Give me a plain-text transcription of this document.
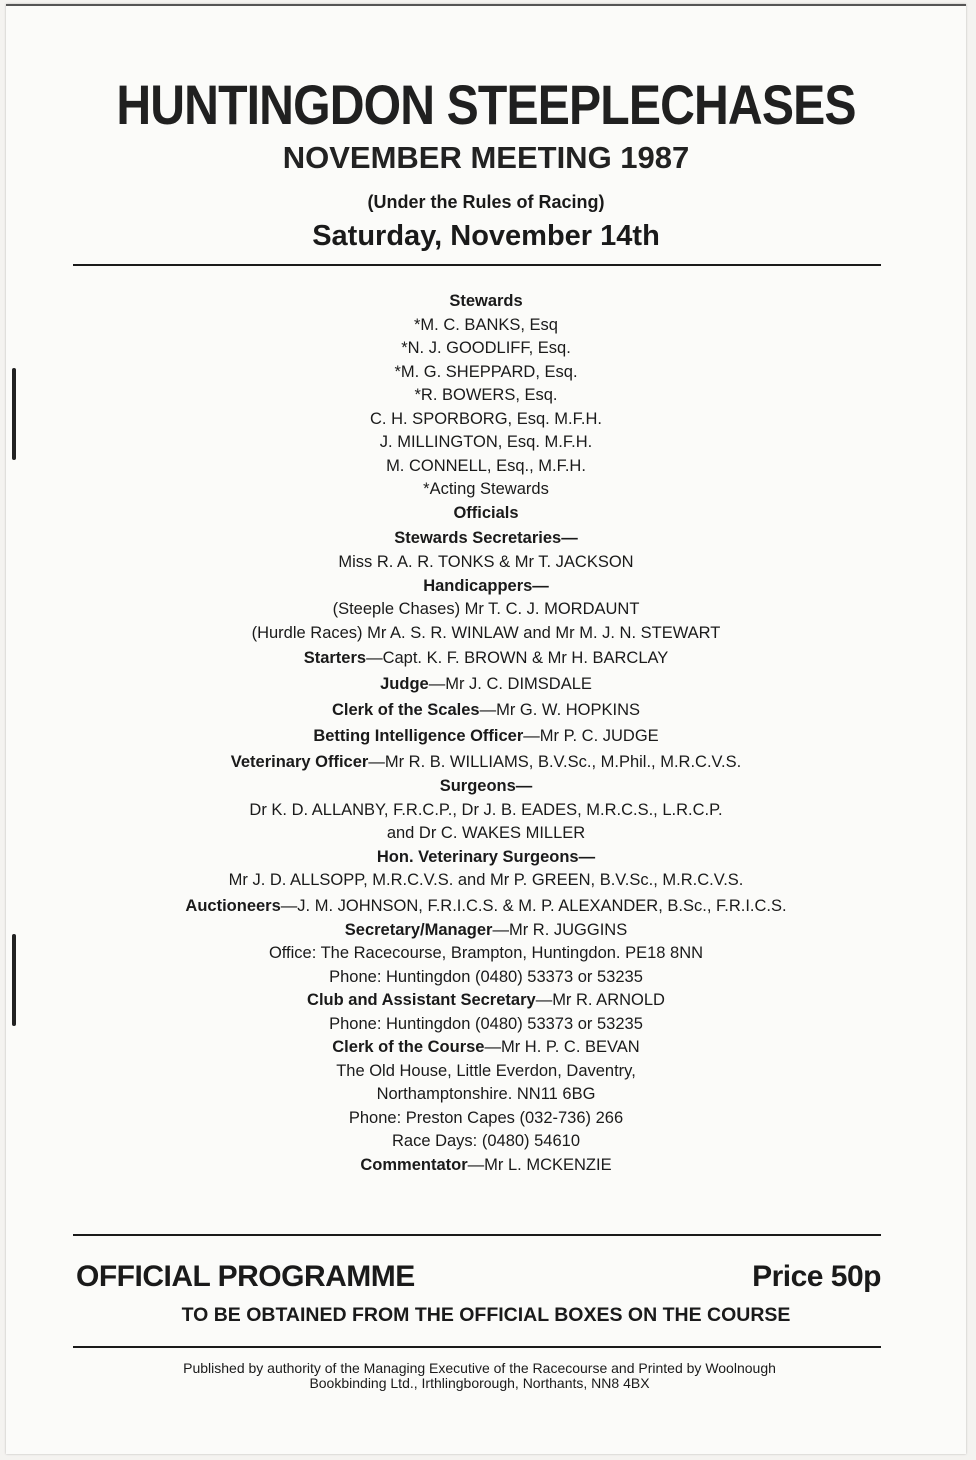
HUNTINGDON STEEPLECHASES
NOVEMBER MEETING 1987
(Under the Rules of Racing)
Saturday, November 14th
Stewards
*M. C. BANKS, Esq
*N. J. GOODLIFF, Esq.
*M. G. SHEPPARD, Esq.
*R. BOWERS, Esq.
C. H. SPORBORG, Esq. M.F.H.
J. MILLINGTON, Esq. M.F.H.
M. CONNELL, Esq., M.F.H.
*Acting Stewards
Officials
Stewards Secretaries—
Miss R. A. R. TONKS & Mr T. JACKSON
Handicappers—
(Steeple Chases) Mr T. C. J. MORDAUNT
(Hurdle Races) Mr A. S. R. WINLAW and Mr M. J. N. STEWART
Starters—Capt. K. F. BROWN & Mr H. BARCLAY
Judge—Mr J. C. DIMSDALE
Clerk of the Scales—Mr G. W. HOPKINS
Betting Intelligence Officer—Mr P. C. JUDGE
Veterinary Officer—Mr R. B. WILLIAMS, B.V.Sc., M.Phil., M.R.C.V.S.
Surgeons—
Dr K. D. ALLANBY, F.R.C.P., Dr J. B. EADES, M.R.C.S., L.R.C.P.
and Dr C. WAKES MILLER
Hon. Veterinary Surgeons—
Mr J. D. ALLSOPP, M.R.C.V.S. and Mr P. GREEN, B.V.Sc., M.R.C.V.S.
Auctioneers—J. M. JOHNSON, F.R.I.C.S. & M. P. ALEXANDER, B.Sc., F.R.I.C.S.
Secretary/Manager—Mr R. JUGGINS
Office: The Racecourse, Brampton, Huntingdon. PE18 8NN
Phone: Huntingdon (0480) 53373 or 53235
Club and Assistant Secretary—Mr R. ARNOLD
Phone: Huntingdon (0480) 53373 or 53235
Clerk of the Course—Mr H. P. C. BEVAN
The Old House, Little Everdon, Daventry,
Northamptonshire. NN11 6BG
Phone: Preston Capes (032-736) 266
Race Days: (0480) 54610
Commentator—Mr L. MCKENZIE
OFFICIAL PROGRAMME	Price 50p
TO BE OBTAINED FROM THE OFFICIAL BOXES ON THE COURSE
Published by authority of the Managing Executive of the Racecourse and Printed by Woolnough
Bookbinding Ltd., Irthlingborough, Northants, NN8 4BX
